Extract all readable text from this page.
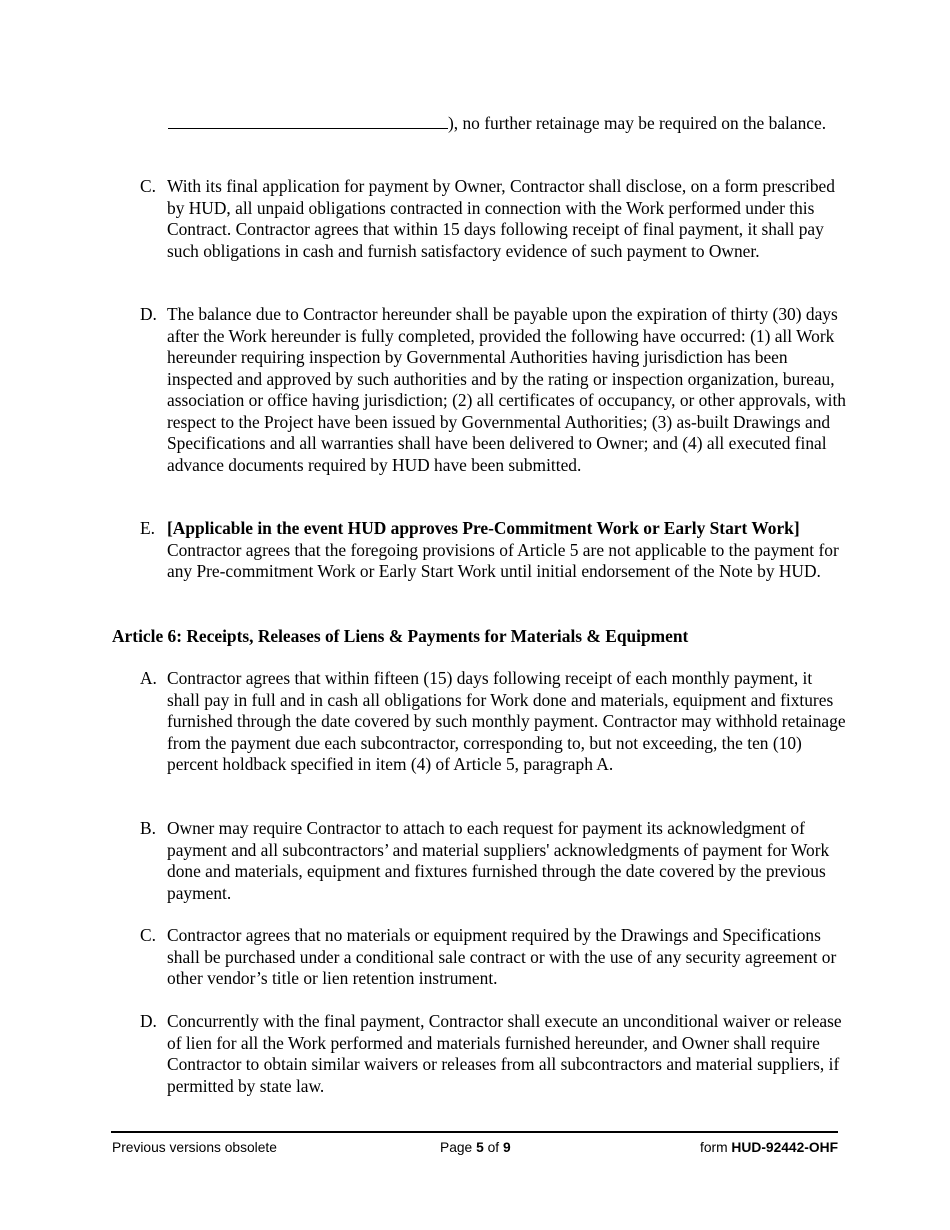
), no further retainage may be required on the balance.

C. With its final application for payment by Owner, Contractor shall disclose, on a form prescribed by HUD, all unpaid obligations contracted in connection with the Work performed under this Contract. Contractor agrees that within 15 days following receipt of final payment, it shall pay such obligations in cash and furnish satisfactory evidence of such payment to Owner.
D. The balance due to Contractor hereunder shall be payable upon the expiration of thirty (30) days after the Work hereunder is fully completed, provided the following have occurred: (1) all Work hereunder requiring inspection by Governmental Authorities having jurisdiction has been inspected and approved by such authorities and by the rating or inspection organization, bureau, association or office having jurisdiction; (2) all certificates of occupancy, or other approvals, with respect to the Project have been issued by Governmental Authorities; (3) as-built Drawings and Specifications and all warranties shall have been delivered to Owner; and (4) all executed final advance documents required by HUD have been submitted.
E. [Applicable in the event HUD approves Pre-Commitment Work or Early Start Work] Contractor agrees that the foregoing provisions of Article 5 are not applicable to the payment for any Pre-commitment Work or Early Start Work until initial endorsement of the Note by HUD.

Article 6: Receipts, Releases of Liens & Payments for Materials & Equipment

A. Contractor agrees that within fifteen (15) days following receipt of each monthly payment, it shall pay in full and in cash all obligations for Work done and materials, equipment and fixtures furnished through the date covered by such monthly payment. Contractor may withhold retainage from the payment due each subcontractor, corresponding to, but not exceeding, the ten (10) percent holdback specified in item (4) of Article 5, paragraph A.
B. Owner may require Contractor to attach to each request for payment its acknowledgment of payment and all subcontractors’ and material suppliers' acknowledgments of payment for Work done and materials, equipment and fixtures furnished through the date covered by the previous payment.
C. Contractor agrees that no materials or equipment required by the Drawings and Specifications shall be purchased under a conditional sale contract or with the use of any security agreement or other vendor’s title or lien retention instrument.
D. Concurrently with the final payment, Contractor shall execute an unconditional waiver or release of lien for all the Work performed and materials furnished hereunder, and Owner shall require Contractor to obtain similar waivers or releases from all subcontractors and material suppliers, if permitted by state law.
Previous versions obsolete	Page 5 of 9	form HUD-92442-OHF
